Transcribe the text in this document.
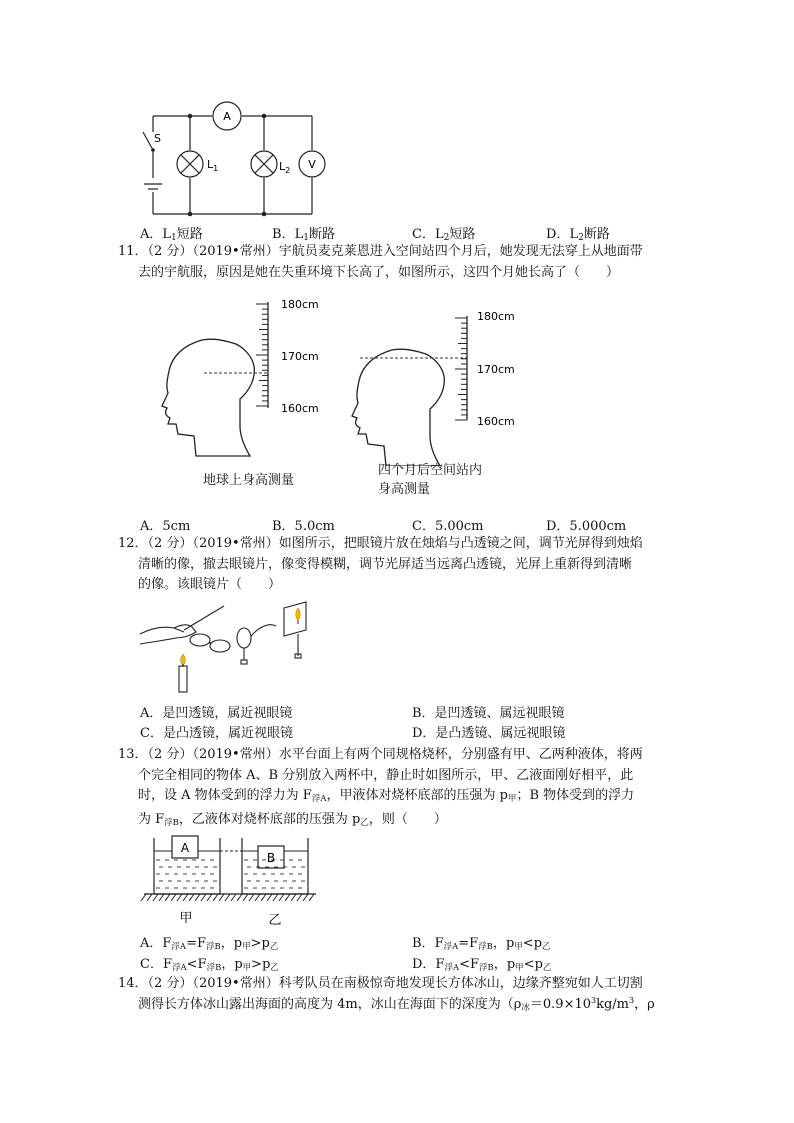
A
V
S
$L_1$	$L_2$
A．$L_1$短路	B．$L_1$断路	C．$L_2$短路	D．$L_2$断路
11．（2 分）（2019•常州）宇航员麦克莱恩进入空间站四个月后，她发现无法穿上从地面带
去的宇航服，原因是她在失重环境下长高了，如图所示，这四个月她长高了（　　）
180cm
170cm
160cm
180cm
170cm
160cm
地球上身高测量
四个月后空间站内
身高测量
A．5cm	B．5.0cm	C．5.00cm	D．5.000cm
12．（2 分）（2019•常州）如图所示，把眼镜片放在烛焰与凸透镜之间，调节光屏得到烛焰
清晰的像，撤去眼镜片，像变得模糊，调节光屏适当远离凸透镜，光屏上重新得到清晰
的像。该眼镜片（　　）
A．是凹透镜，属近视眼镜	B．是凹透镜、属远视眼镜
C．是凸透镜，属近视眼镜	D．是凸透镜、属远视眼镜
13．（2 分）（2019•常州）水平台面上有两个同规格烧杯，分别盛有甲、乙两种液体，将两
个完全相同的物体 A、B 分别放入两杯中，静止时如图所示，甲、乙液面刚好相平，此
时，设 A 物体受到的浮力为 F浮A，甲液体对烧杯底部的压强为 p甲；B 物体受到的浮力
为 F浮B，乙液体对烧杯底部的压强为 p乙，则（　　）
A
B
甲	乙
A．F浮A=F浮B，p甲>p乙	B．F浮A=F浮B，p甲<p乙
C．F浮A<F浮B，p甲>p乙	D．F浮A<F浮B，p甲<p乙
14．（2 分）（2019•常州）科考队员在南极惊奇地发现长方体冰山，边缘齐整宛如人工切割
测得长方体冰山露出海面的高度为 4m，冰山在海面下的深度为（ρ冰$=0.9\times 10^3kg/m^3$，ρ
